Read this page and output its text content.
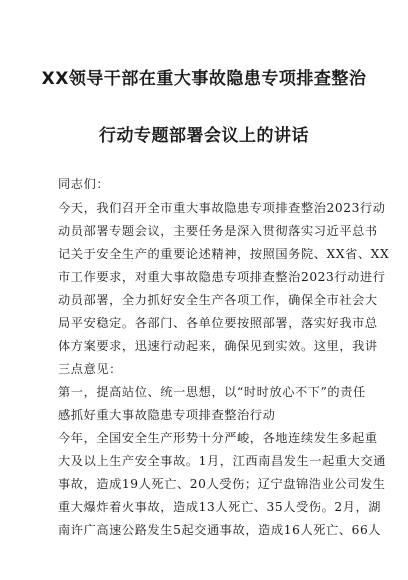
XX领导干部在重大事故隐患专项排查整治
行动专题部署会议上的讲话
同志们：
今天，我们召开全市重大事故隐患专项排查整治2023行动
动员部署专题会议，主要任务是深入贯彻落实习近平总书
记关于安全生产的重要论述精神，按照国务院、XX省、XX
市工作要求，对重大事故隐患专项排查整治2023行动进行
动员部署，全力抓好安全生产各项工作，确保全市社会大
局平安稳定。各部门、各单位要按照部署，落实好我市总
体方案要求，迅速行动起来，确保见到实效。这里，我讲
三点意见：
第一，提高站位、统一思想，以“时时放心不下”的责任
感抓好重大事故隐患专项排查整治行动
今年，全国安全生产形势十分严峻，各地连续发生多起重
大及以上生产安全事故。1月，江西南昌发生一起重大交通
事故，造成19人死亡、20人受伤；辽宁盘锦浩业公司发生
重大爆炸着火事故，造成13人死亡、35人受伤。2月，湖
南许广高速公路发生5起交通事故，造成16人死亡、66人
